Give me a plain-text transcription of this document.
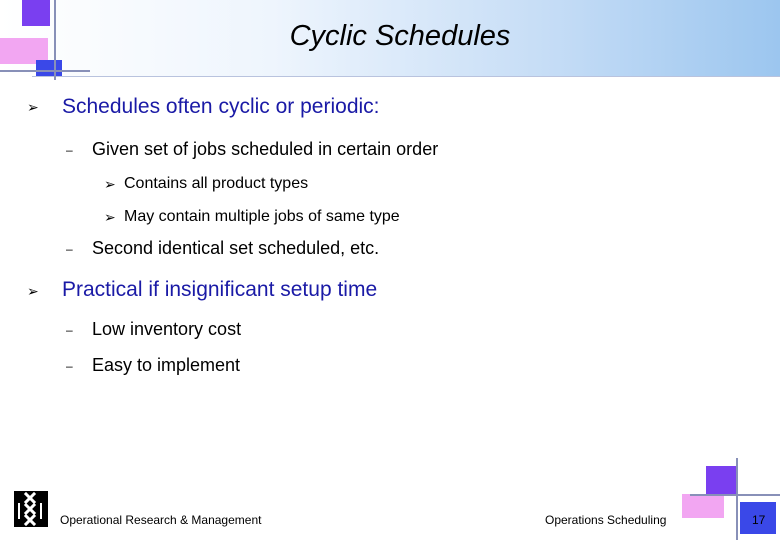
Cyclic Schedules
➢ Schedules often cyclic or periodic:
– Given set of jobs scheduled in certain order
➢ Contains all product types
➢ May contain multiple jobs of same type
– Second identical set scheduled, etc.
➢ Practical if insignificant setup time
– Low inventory cost
– Easy to implement
Operational Research & Management	Operations Scheduling	17
